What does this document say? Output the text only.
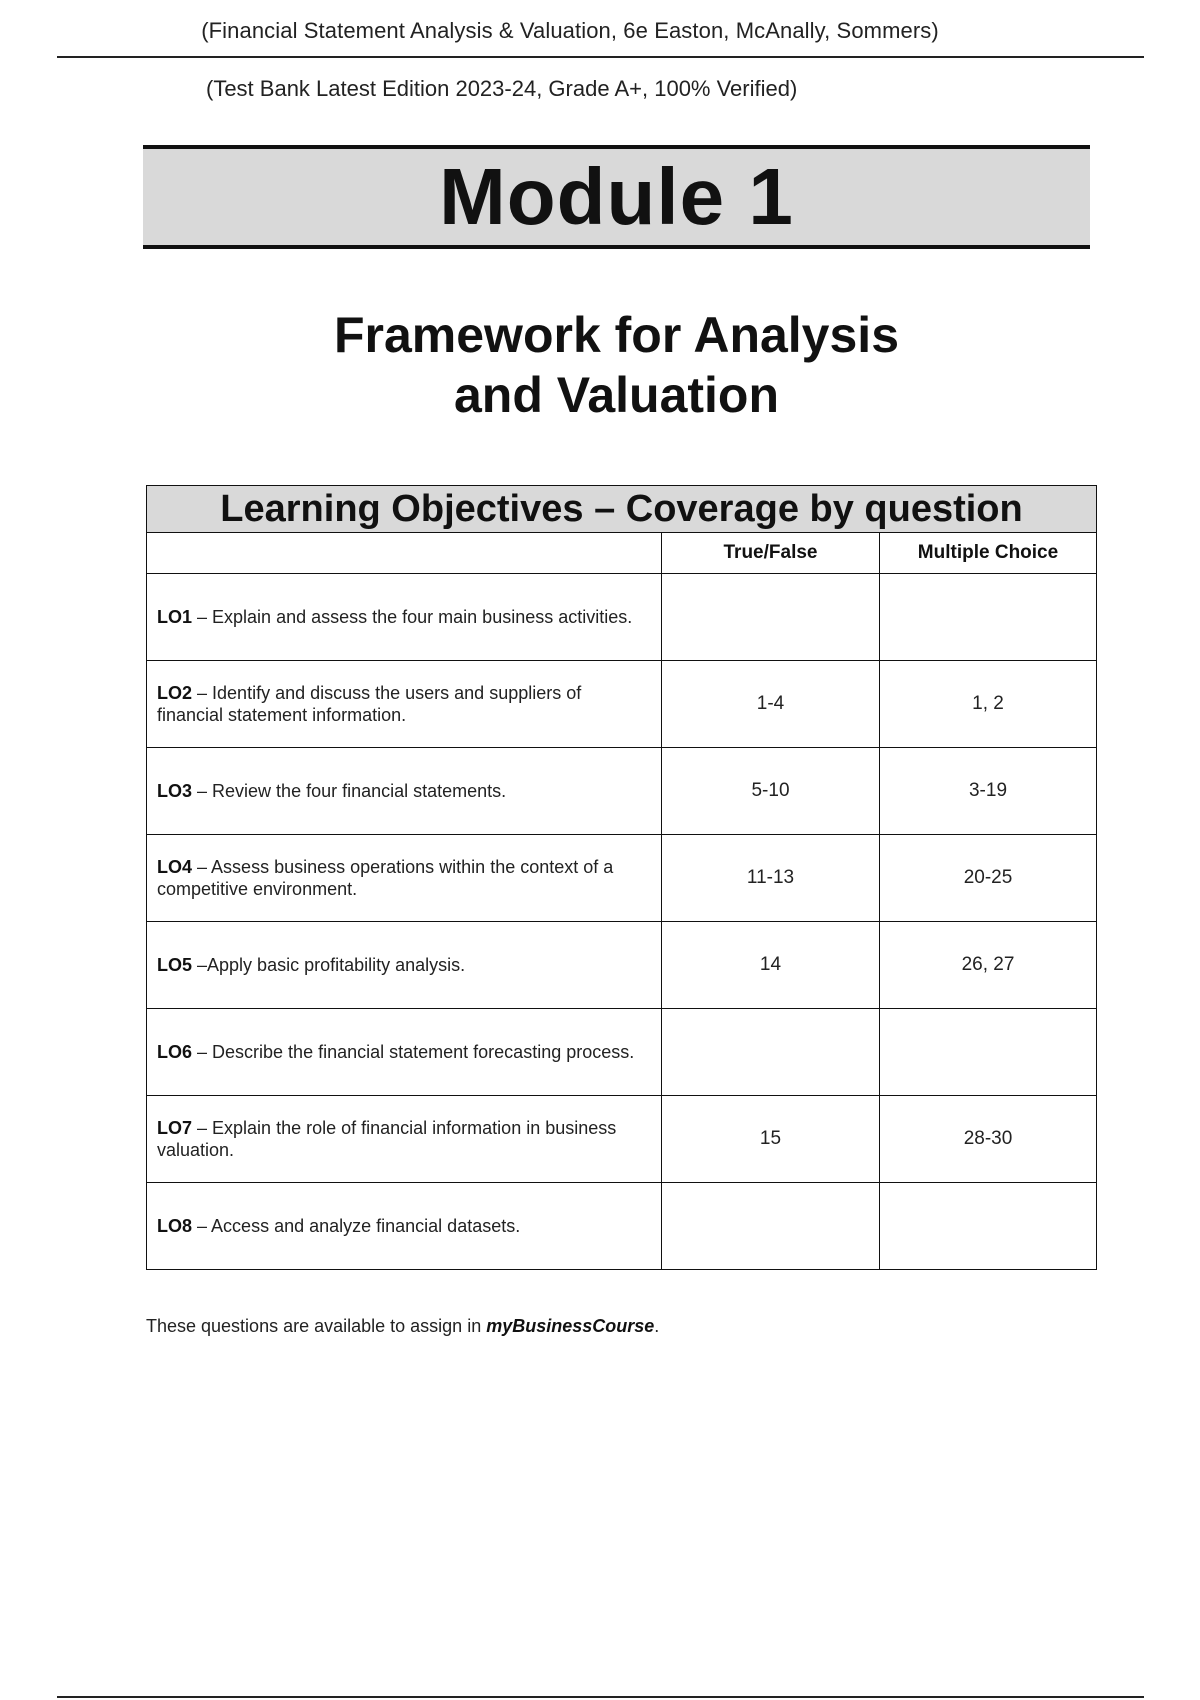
(Financial Statement Analysis & Valuation, 6e Easton, McAnally, Sommers)
(Test Bank Latest Edition 2023-24, Grade A+, 100% Verified)
Module 1
Framework for Analysis
and Valuation
Learning Objectives – Coverage by question		
	True/False	Multiple Choice
LO1 – Explain and assess the four main business activities.		
LO2 – Identify and discuss the users and suppliers of financial statement information.	1-4	1, 2
LO3 – Review the four financial statements.	5-10	3-19
LO4 – Assess business operations within the context of a competitive environment.	11-13	20-25
LO5 –Apply basic profitability analysis.	14	26, 27
LO6 – Describe the financial statement forecasting process.		
LO7 – Explain the role of financial information in business valuation.	15	28-30
LO8 – Access and analyze financial datasets.		
These questions are available to assign in myBusinessCourse.
